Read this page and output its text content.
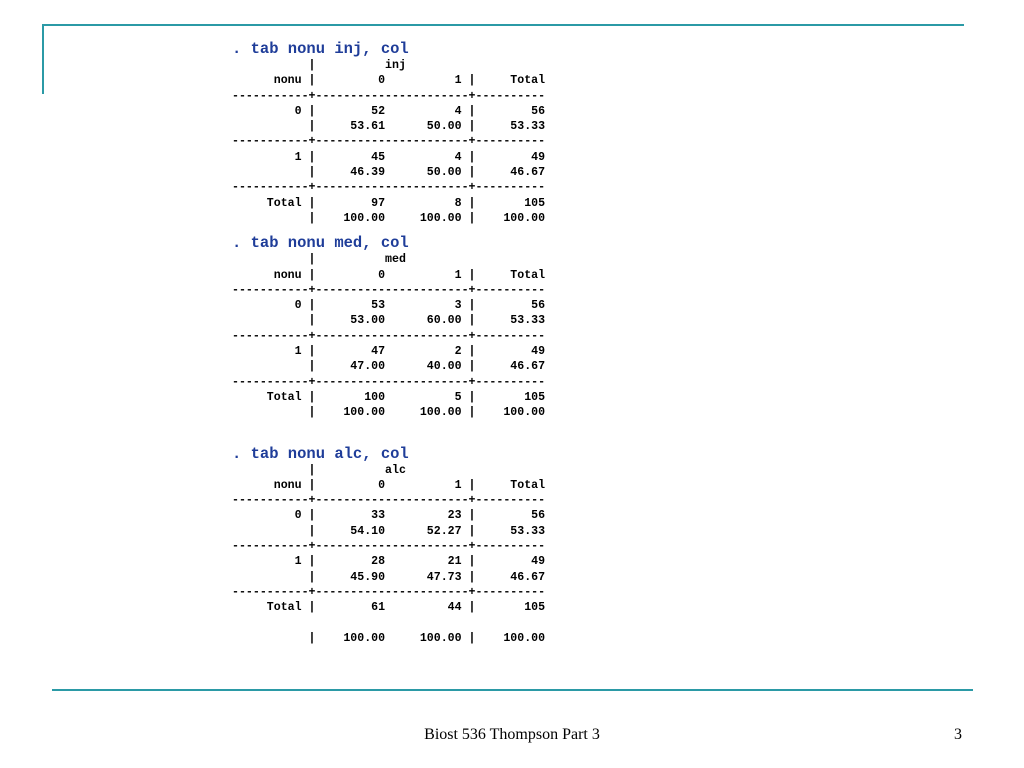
. tab nonu inj, col
|          inj
nonu |         0          1 |     Total
-----------+----------------------+----------
0 |        52          4 |        56
|     53.61      50.00 |     53.33
-----------+----------------------+----------
1 |        45          4 |        49
|     46.39      50.00 |     46.67
-----------+----------------------+----------
Total |        97          8 |       105
|    100.00     100.00 |    100.00
. tab nonu med, col
|          med
nonu |         0          1 |     Total
-----------+----------------------+----------
0 |        53          3 |        56
|     53.00      60.00 |     53.33
-----------+----------------------+----------
1 |        47          2 |        49
|     47.00      40.00 |     46.67
-----------+----------------------+----------
Total |       100          5 |       105
|    100.00     100.00 |    100.00
. tab nonu alc, col
|          alc
nonu |         0          1 |     Total
-----------+----------------------+----------
0 |        33         23 |        56
|     54.10      52.27 |     53.33
-----------+----------------------+----------
1 |        28         21 |        49
|     45.90      47.73 |     46.67
-----------+----------------------+----------
Total |        61         44 |       105

|    100.00     100.00 |    100.00
Biost 536 Thompson Part 3	3
